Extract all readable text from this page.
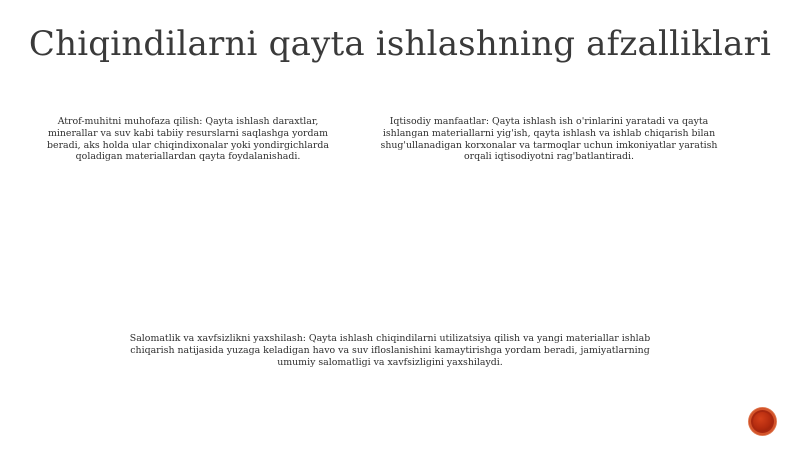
Chiqindilarni qayta ishlashning afzalliklari
Atrof-muhitni muhofaza qilish: Qayta ishlash daraxtlar, minerallar va suv kabi tabiiy resurslarni saqlashga yordam beradi, aks holda ular chiqindixonalar yoki yondirgichlarda qoladigan materiallardan qayta foydalanishadi.
Iqtisodiy manfaatlar: Qayta ishlash ish o'rinlarini yaratadi va qayta ishlangan materiallarni yig'ish, qayta ishlash va ishlab chiqarish bilan shug'ullanadigan korxonalar va tarmoqlar uchun imkoniyatlar yaratish orqali iqtisodiyotni rag'batlantiradi.
Salomatlik va xavfsizlikni yaxshilash: Qayta ishlash chiqindilarni utilizatsiya qilish va yangi materiallar ishlab chiqarish natijasida yuzaga keladigan havo va suv ifloslanishini kamaytirishga yordam beradi, jamiyatlarning umumiy salomatligi va xavfsizligini yaxshilaydi.
